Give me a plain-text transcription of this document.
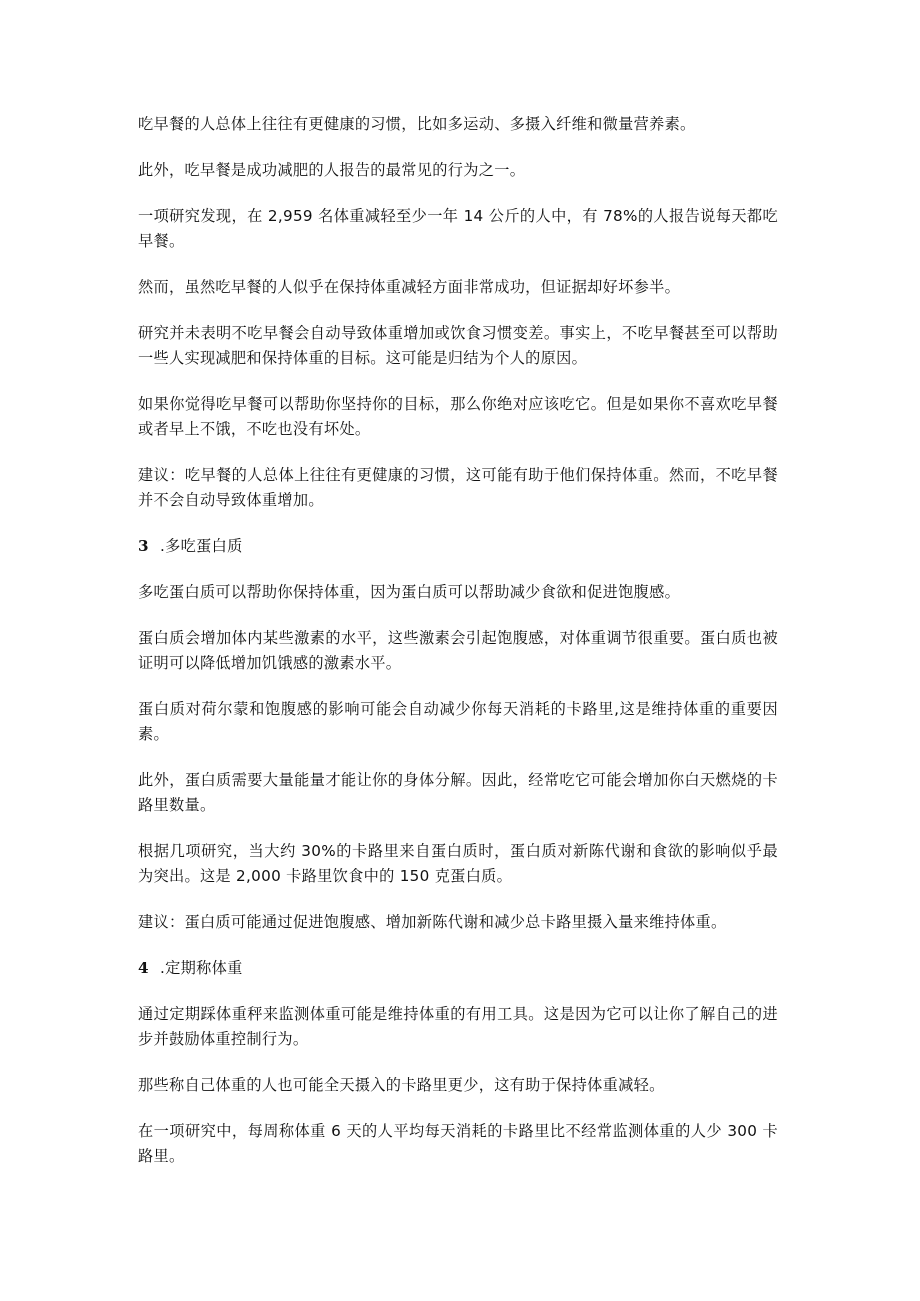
吃早餐的人总体上往往有更健康的习惯，比如多运动、多摄入纤维和微量营养素。

此外，吃早餐是成功减肥的人报告的最常见的行为之一。

一项研究发现，在 2,959 名体重减轻至少一年 14 公斤的人中，有 78%的人报告说每天都吃早餐。

然而，虽然吃早餐的人似乎在保持体重减轻方面非常成功，但证据却好坏参半。

研究并未表明不吃早餐会自动导致体重增加或饮食习惯变差。事实上，不吃早餐甚至可以帮助一些人实现减肥和保持体重的目标。这可能是归结为个人的原因。

如果你觉得吃早餐可以帮助你坚持你的目标，那么你绝对应该吃它。但是如果你不喜欢吃早餐或者早上不饿，不吃也没有坏处。

建议：吃早餐的人总体上往往有更健康的习惯，这可能有助于他们保持体重。然而，不吃早餐并不会自动导致体重增加。

3 .多吃蛋白质

多吃蛋白质可以帮助你保持体重，因为蛋白质可以帮助减少食欲和促进饱腹感。

蛋白质会增加体内某些激素的水平，这些激素会引起饱腹感，对体重调节很重要。蛋白质也被证明可以降低增加饥饿感的激素水平。

蛋白质对荷尔蒙和饱腹感的影响可能会自动减少你每天消耗的卡路里,这是维持体重的重要因素。

此外，蛋白质需要大量能量才能让你的身体分解。因此，经常吃它可能会增加你白天燃烧的卡路里数量。

根据几项研究，当大约 30%的卡路里来自蛋白质时，蛋白质对新陈代谢和食欲的影响似乎最为突出。这是 2,000 卡路里饮食中的 150 克蛋白质。

建议：蛋白质可能通过促进饱腹感、增加新陈代谢和减少总卡路里摄入量来维持体重。

4 .定期称体重

通过定期踩体重秤来监测体重可能是维持体重的有用工具。这是因为它可以让你了解自己的进步并鼓励体重控制行为。

那些称自己体重的人也可能全天摄入的卡路里更少，这有助于保持体重减轻。

在一项研究中，每周称体重 6 天的人平均每天消耗的卡路里比不经常监测体重的人少 300 卡路里。
